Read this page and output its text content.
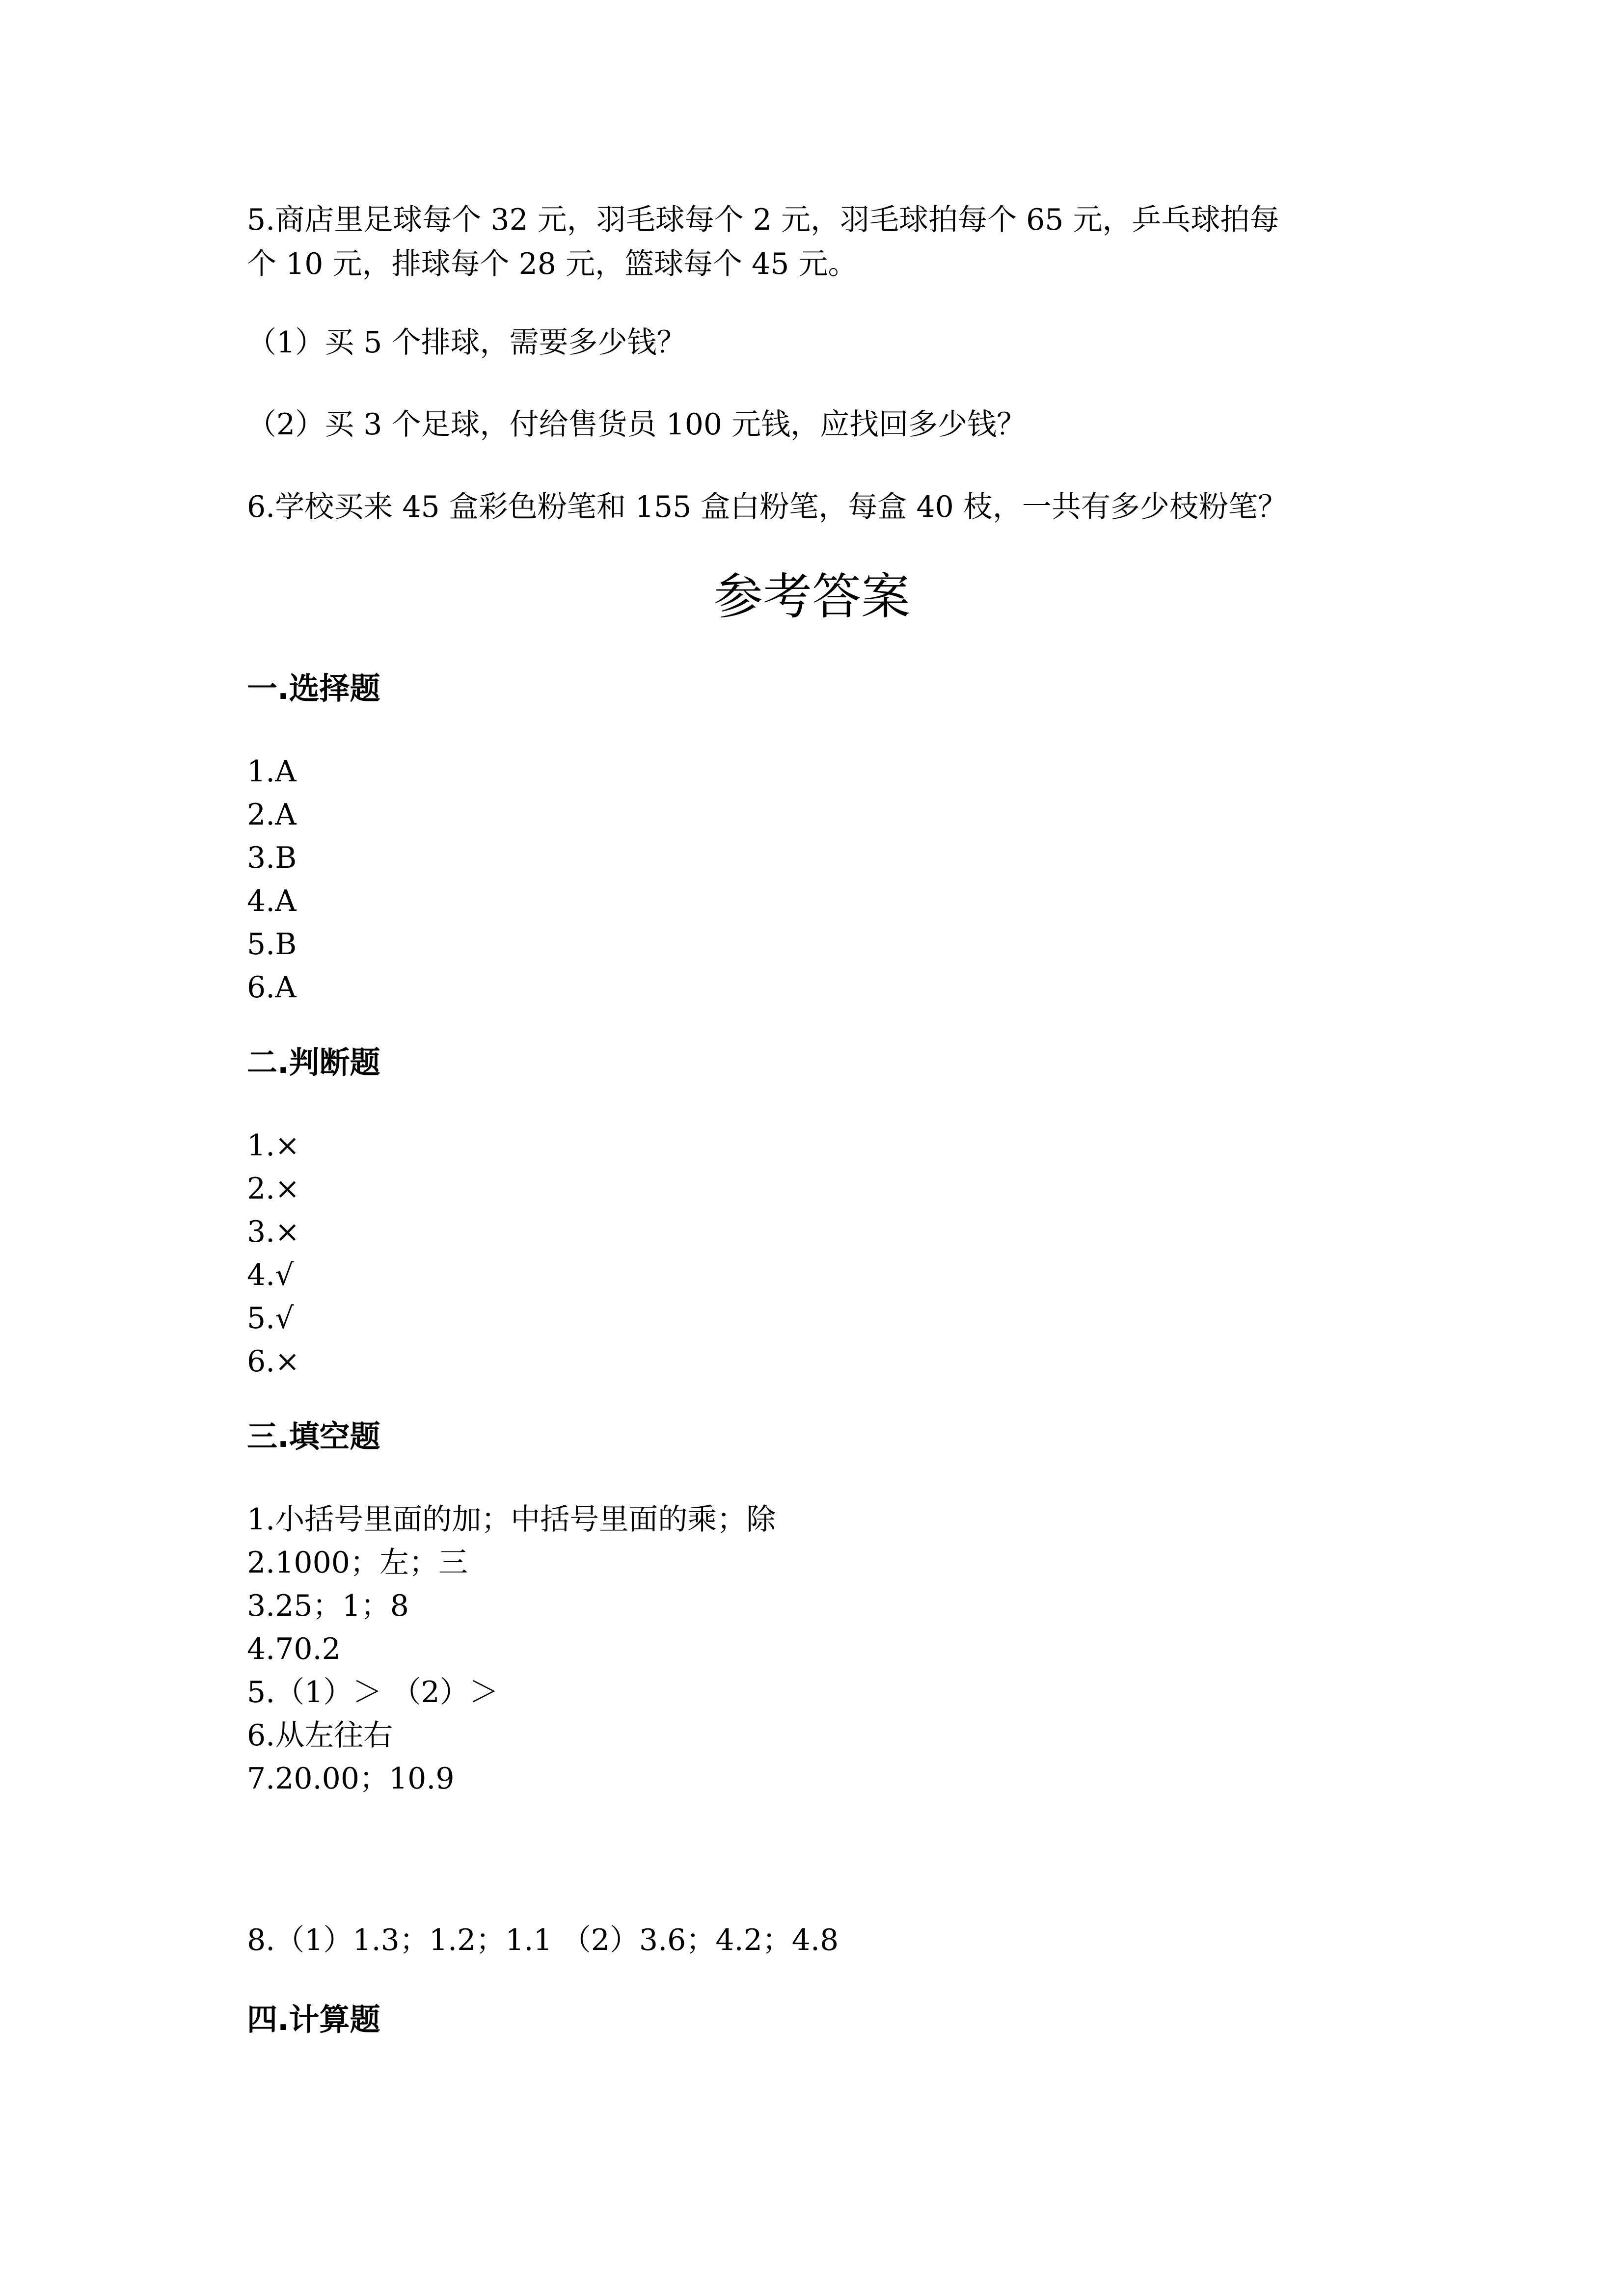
5.商店里足球每个 32 元，羽毛球每个 2 元，羽毛球拍每个 65 元，乒乓球拍每

个 10 元，排球每个 28 元，篮球每个 45 元。

（1）买 5 个排球，需要多少钱？

（2）买 3 个足球，付给售货员 100 元钱，应找回多少钱？

6.学校买来 45 盒彩色粉笔和 155 盒白粉笔，每盒 40 枝，一共有多少枝粉笔？

参考答案
一.选择题

1.A

2.A

3.B

4.A

5.B

6.A

二.判断题

1.×

2.×

3.×

4.√

5.√

6.×

三.填空题

1.小括号里面的加；中括号里面的乘；除

2.1000；左；三

3.25；1；8

4.70.2

5.（1）＞ （2）＞

6.从左往右

7.20.00；10.9

8.（1）1.3；1.2；1.1 （2）3.6；4.2；4.8

四.计算题
